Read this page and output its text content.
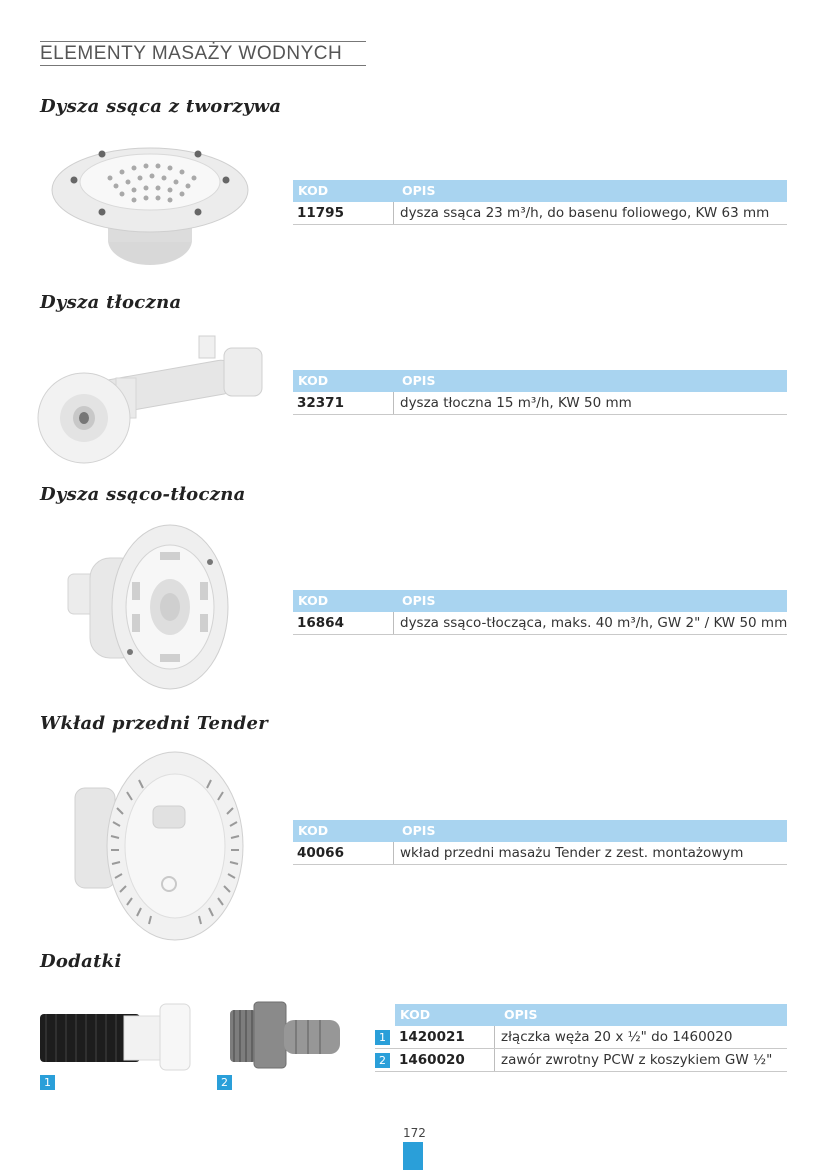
ELEMENTY MASAŻY WODNYCH
Dysza ssąca z tworzywa
KOD	OPIS
11795	dysza ssąca 23 m³/h, do basenu foliowego, KW 63 mm
Dysza tłoczna
KOD	OPIS
32371	dysza tłoczna 15 m³/h, KW 50 mm
Dysza ssąco-tłoczna
KOD	OPIS
16864	dysza ssąco-tłocząca, maks. 40 m³/h, GW 2" / KW 50 mm
Wkład przedni Tender
KOD	OPIS
40066	wkład przedni masażu Tender z zest. montażowym
Dodatki
1	2
KOD	OPIS
1 1420021	złączka węża 20 x ½" do 1460020
2 1460020	zawór zwrotny PCW z koszykiem GW ½"
172
